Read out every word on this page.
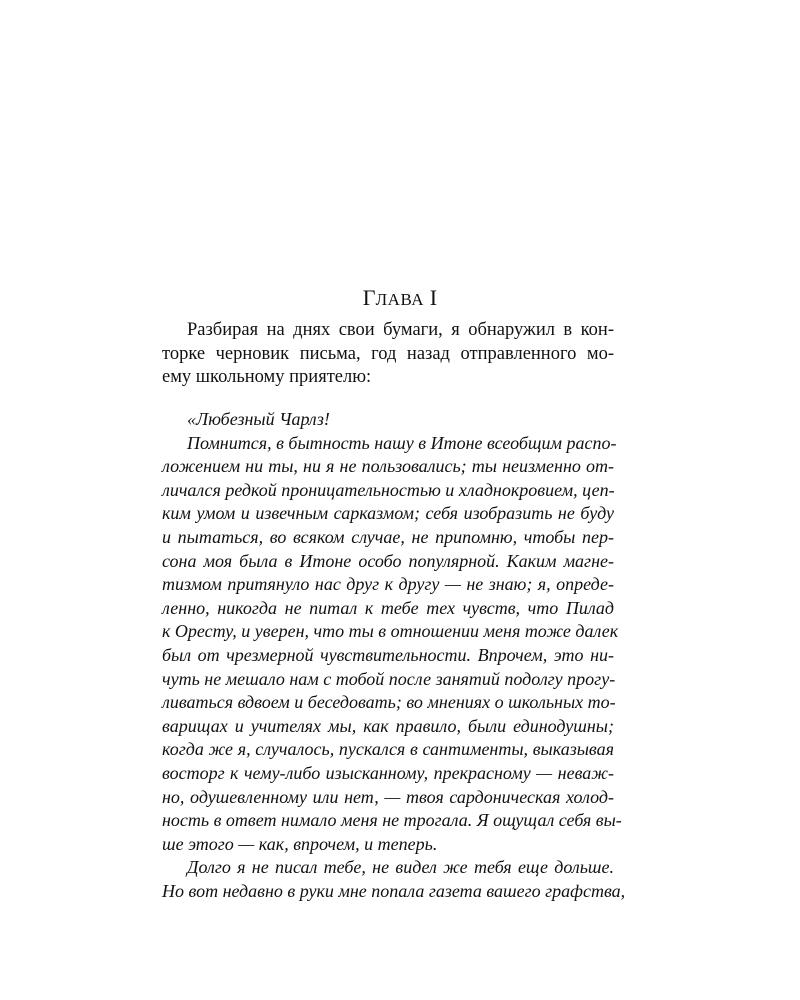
ГЛАВА I
Разбирая на днях свои бумаги, я обнаружил в кон-
торке черновик письма, год назад отправленного мо-
ему школьному приятелю:
«Любезный Чарлз!
Помнится, в бытность нашу в Итоне всеобщим распо-
ложением ни ты, ни я не пользовались; ты неизменно от-
личался редкой проницательностью и хладнокровием, цеп-
ким умом и извечным сарказмом; себя изобразить не буду
и пытаться, во всяком случае, не припомню, чтобы пер-
сона моя была в Итоне особо популярной. Каким магне-
тизмом притянуло нас друг к другу — не знаю; я, опреде-
ленно, никогда не питал к тебе тех чувств, что Пилад
к Оресту, и уверен, что ты в отношении меня тоже далек
был от чрезмерной чувствительности. Впрочем, это ни-
чуть не мешало нам с тобой после занятий подолгу прогу-
ливаться вдвоем и беседовать; во мнениях о школьных то-
варищах и учителях мы, как правило, были единодушны;
когда же я, случалось, пускался в сантименты, выказывая
восторг к чему-либо изысканному, прекрасному — неваж-
но, одушевленному или нет, — твоя сардоническая холод-
ность в ответ нимало меня не трогала. Я ощущал себя вы-
ше этого — как, впрочем, и теперь.
Долго я не писал тебе, не видел же тебя еще дольше.
Но вот недавно в руки мне попала газета вашего графства,
